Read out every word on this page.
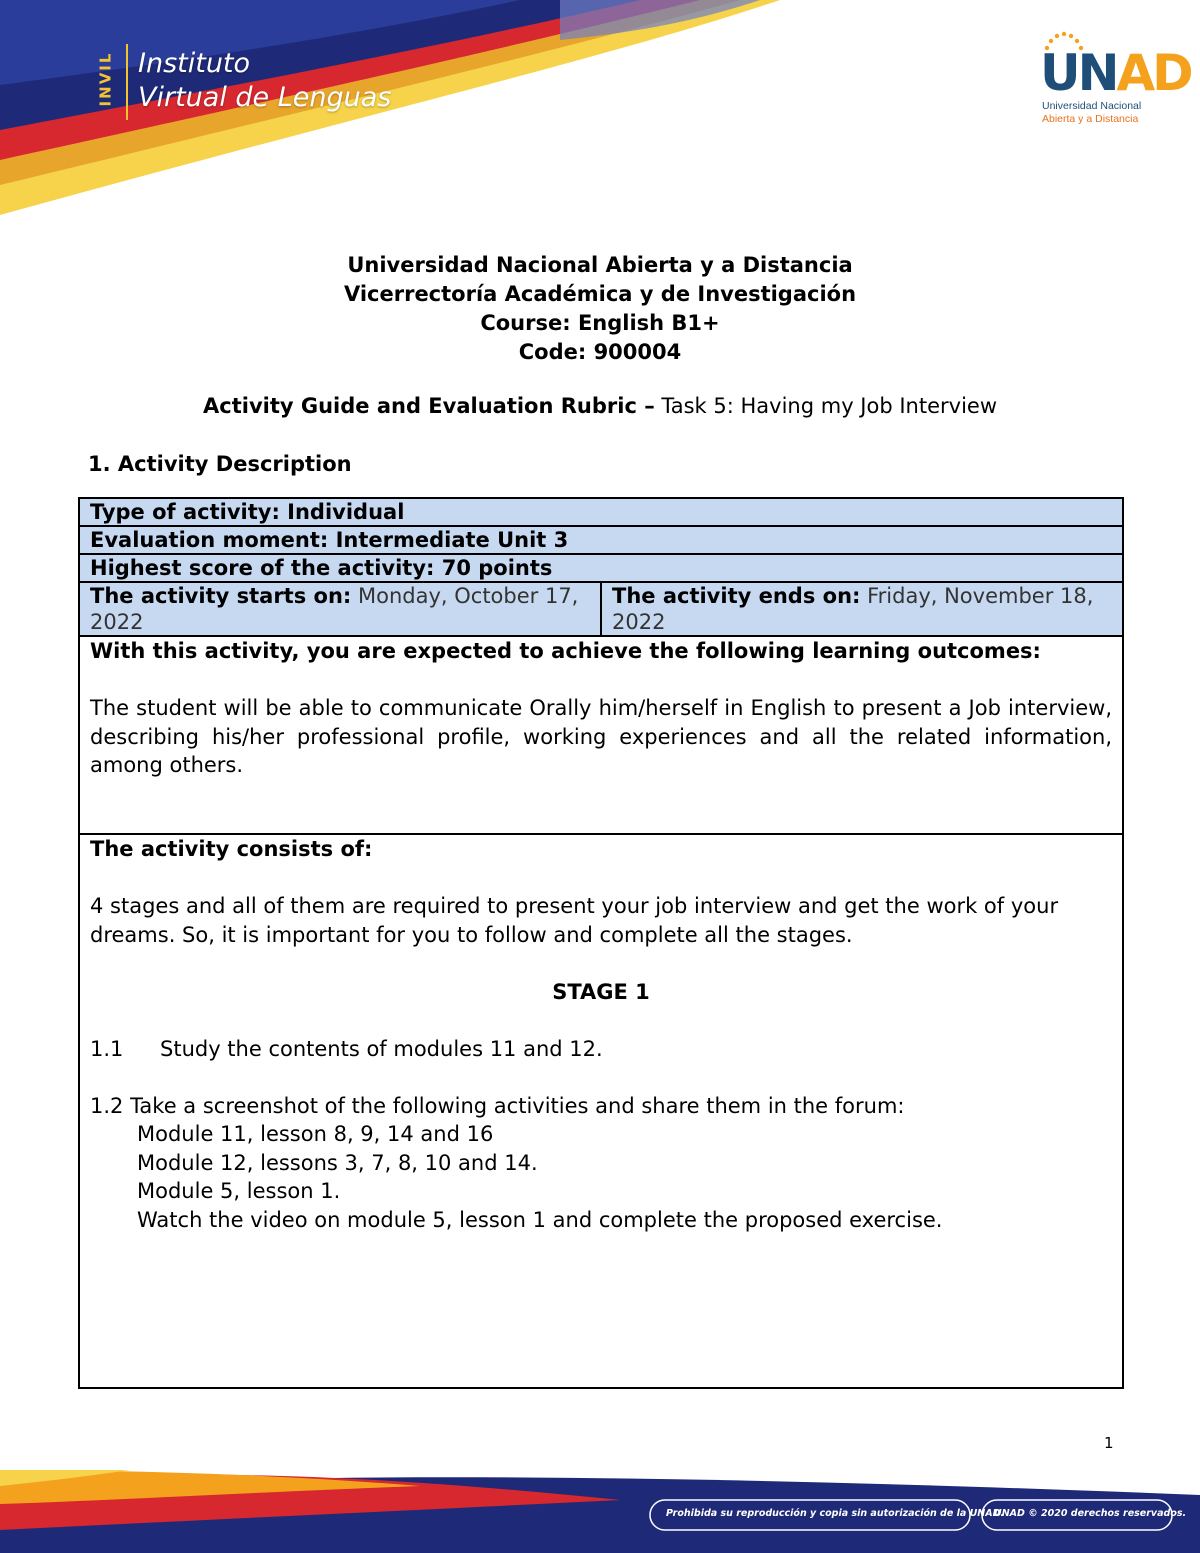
INVIL Instituto
Virtual de Lenguas	UNAD
Universidad Nacional
Abierta y a Distancia
Universidad Nacional Abierta y a Distancia
Vicerrectoría Académica y de Investigación
Course: English B1+
Code: 900004
Activity Guide and Evaluation Rubric – Task 5: Having my Job Interview
1. Activity Description
Type of activity: Individual
Evaluation moment: Intermediate Unit 3
Highest score of the activity: 70 points
The activity starts on: Monday, October 17, 2022	The activity ends on: Friday, November 18, 2022

With this activity, you are expected to achieve the following learning outcomes:
The student will be able to communicate Orally him/herself in English to present a Job interview, describing his/her professional profile, working experiences and all the related information, among others.

The activity consists of:
4 stages and all of them are required to present your job interview and get the work of your dreams. So, it is important for you to follow and complete all the stages.
STAGE 1
1.1 Study the contents of modules 11 and 12.
1.2 Take a screenshot of the following activities and share them in the forum:
Module 11, lesson 8, 9, 14 and 16
Module 12, lessons 3, 7, 8, 10 and 14.
Module 5, lesson 1.
Watch the video on module 5, lesson 1 and complete the proposed exercise.
1
Prohibida su reproducción y copia sin autorización de la UNAD.
UNAD © 2020 derechos reservados.
